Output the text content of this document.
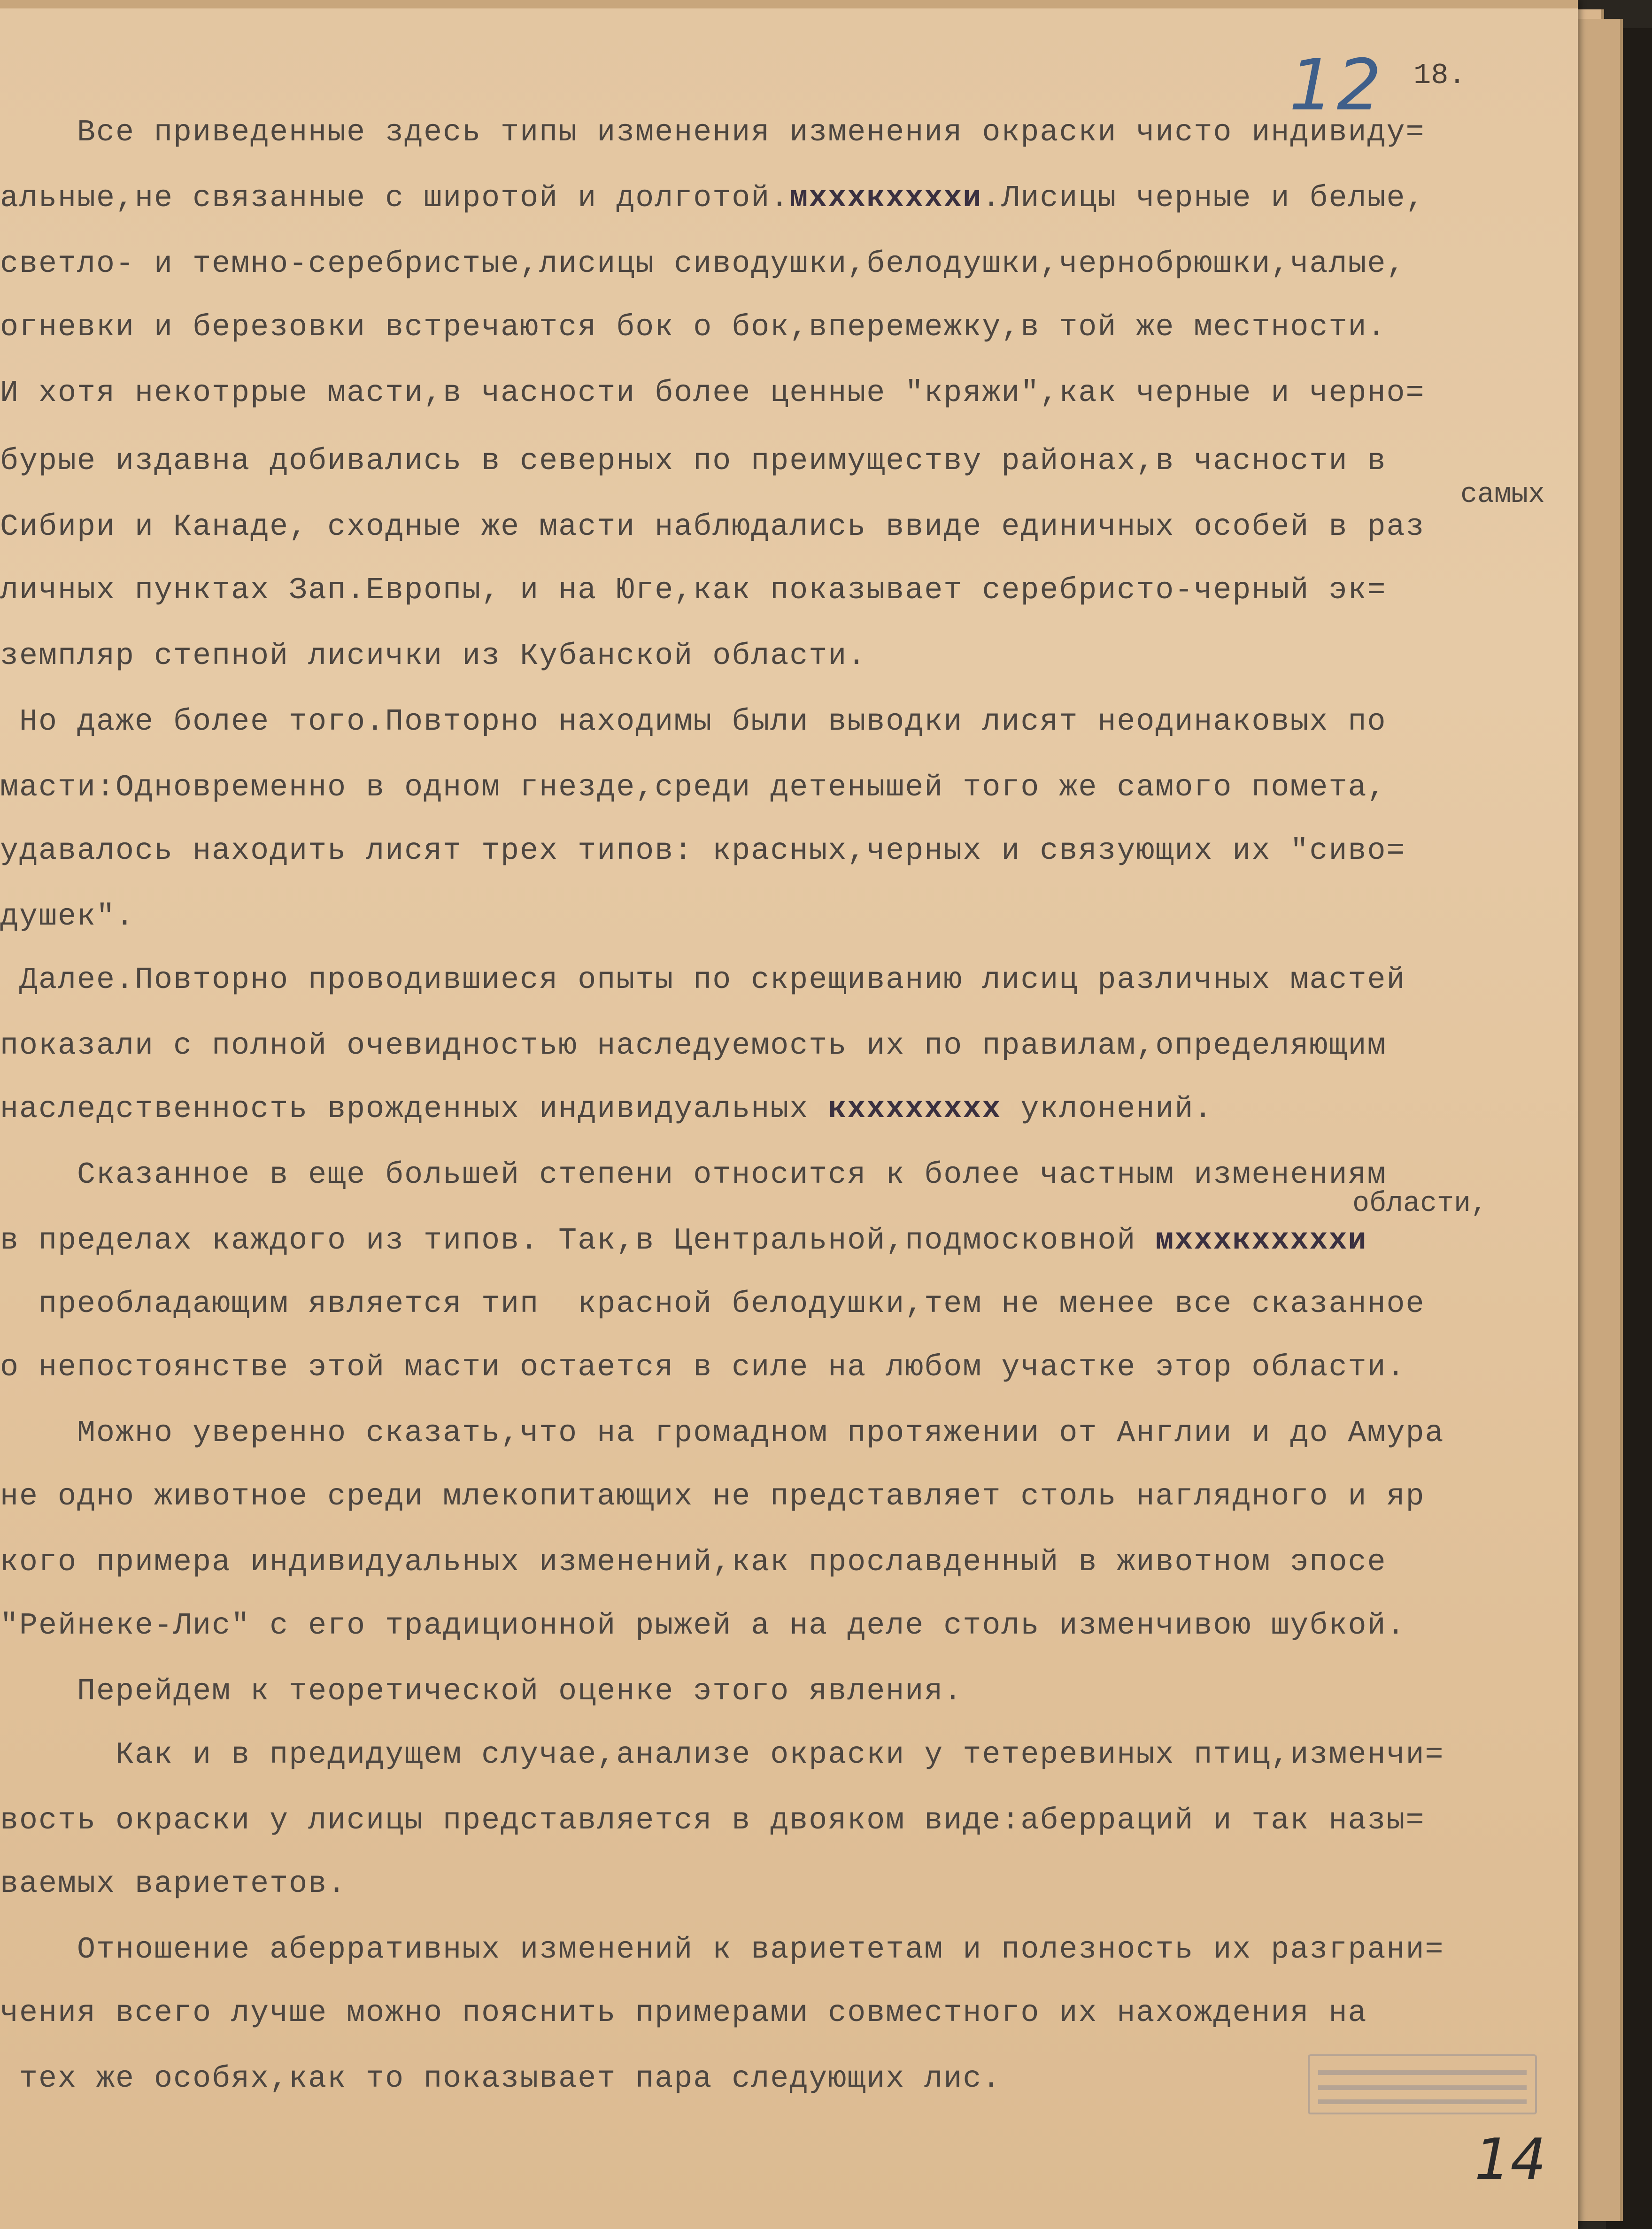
12 18.
Все приведенные здесь типы изменения изменения окраски чисто индивиду=
альные,не связанные с широтой и долготой.мхххкххххи.Лисицы черные и белые,
светло- и темно-серебристые,лисицы сиводушки,белодушки,чернобрюшки,чалые,
огневки и березовки встречаются бок о бок,вперемежку,в той же местности.
И хотя некотррые масти,в часности более ценные "кряжи",как черные и черно=
бурые издавна добивались в северных по преимуществу районах,в часности в
самых
Сибири и Канаде, сходные же масти наблюдались ввиде единичных особей в раз
личных пунктах Зап.Европы, и на Юге,как показывает серебристо-черный эк=
земпляр степной лисички из Кубанской области.
Но даже более того.Повторно находимы были выводки лисят неодинаковых по
масти:Одновременно в одном гнезде,среди детенышей того же самого помета,
удавалось находить лисят трех типов: красных,черных и связующих их "сиво=
душек".
Далее.Повторно проводившиеся опыты по скрещиванию лисиц различных мастей
показали с полной очевидностью наследуемость их по правилам,определяющим
наследственность врожденных индивидуальных кхххххххх уклонений.
Сказанное в еще большей степени относится к более частным изменениям
области,
в пределах каждого из типов. Так,в Центральной,подмосковной мхххкхххххи
преобладающим является тип  красной белодушки,тем не менее все сказанное
о непостоянстве этой масти остается в силе на любом участке этор области.
Можно уверенно сказать,что на громадном протяжении от Англии и до Амура
не одно животное среди млекопитающих не представляет столь наглядного и яр
кого примера индивидуальных изменений,как прославденный в животном эпосе
"Рейнеке-Лис" с его традиционной рыжей а на деле столь изменчивою шубкой.
Перейдем к теоретической оценке этого явления.
Как и в предидущем случае,анализе окраски у тетеревиных птиц,изменчи=
вость окраски у лисицы представляется в двояком виде:аберраций и так назы=
ваемых вариететов.
Отношение аберративных изменений к вариететам и полезность их разграни=
чения всего лучше можно пояснить примерами совместного их нахождения на
тех же особях,как то показывает пара следующих лис.
14
